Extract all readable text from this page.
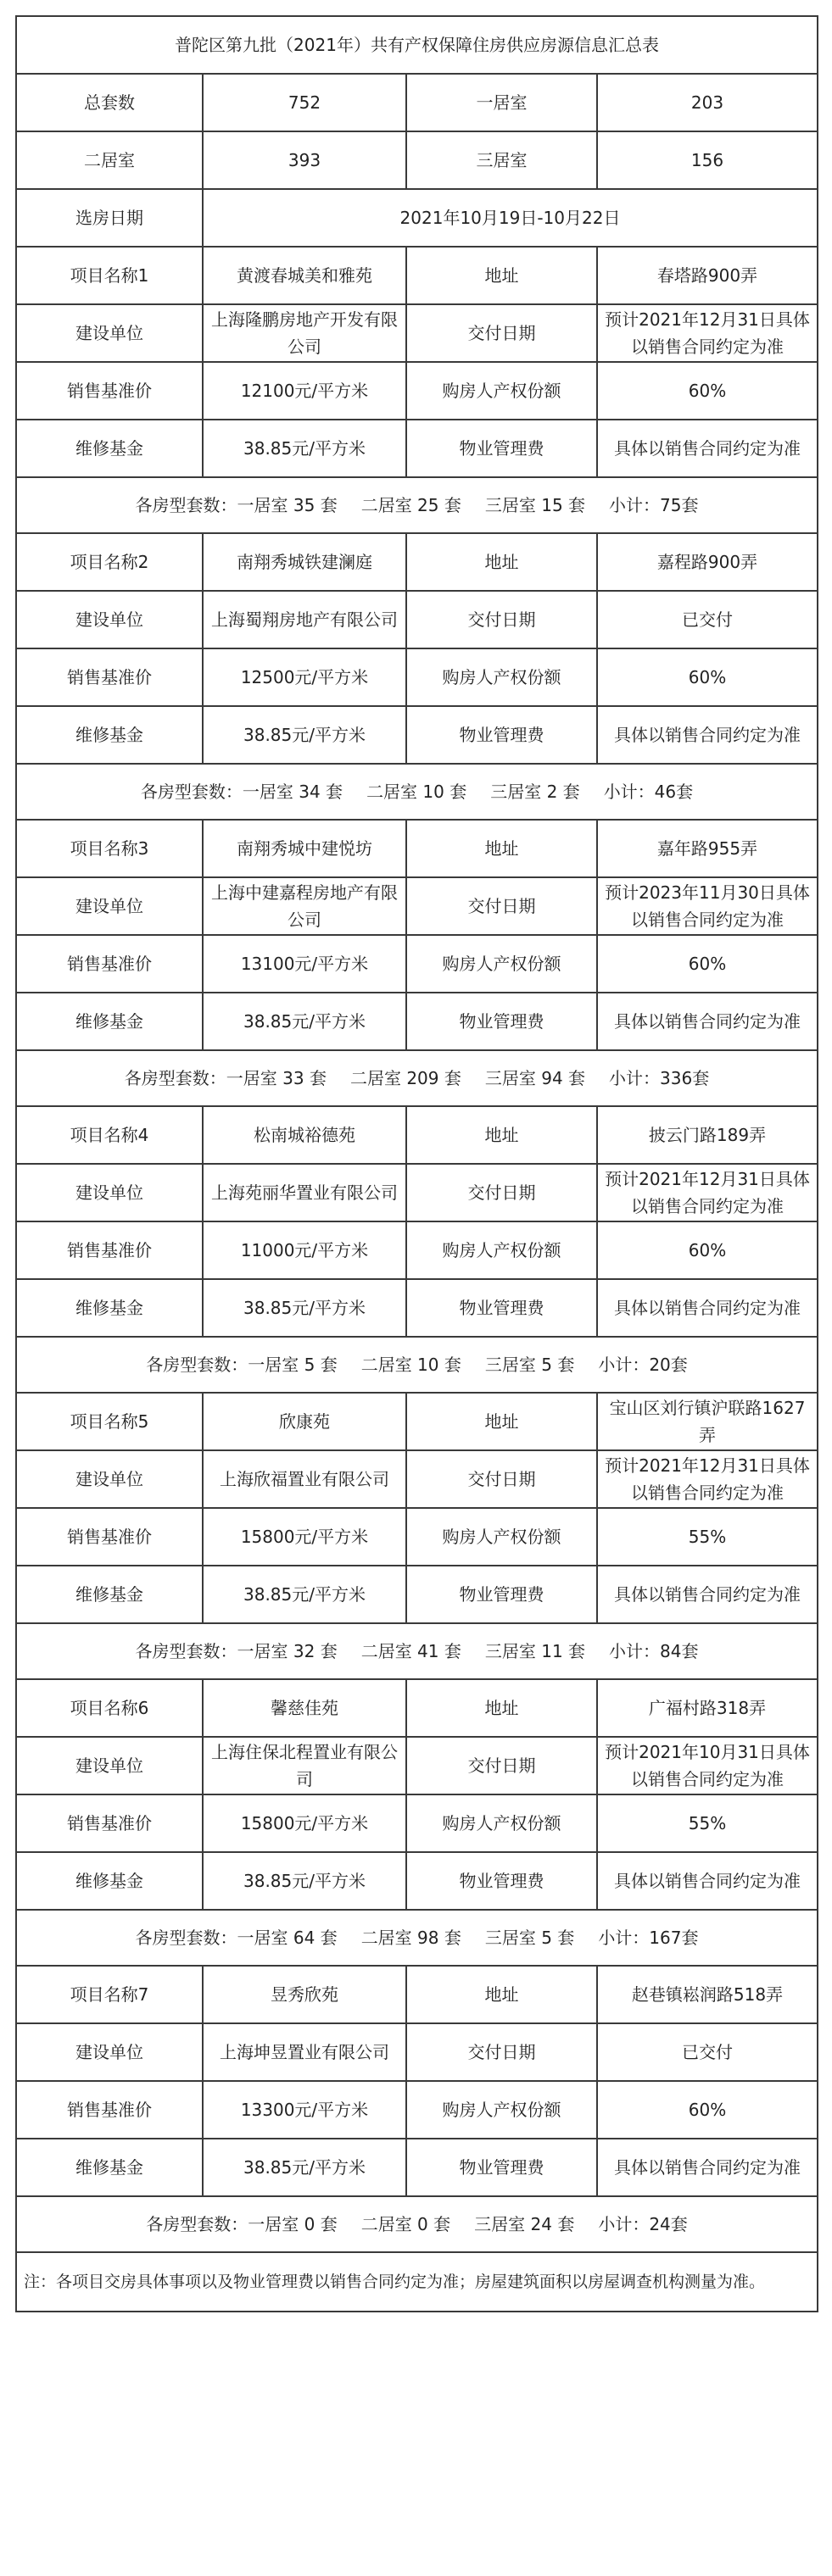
普陀区第九批（2021年）共有产权保障住房供应房源信息汇总表			
总套数	752	一居室	203
二居室	393	三居室	156
选房日期	2021年10月19日-10月22日		
项目名称1	黄渡春城美和雅苑	地址	春塔路900弄
建设单位	上海隆鹏房地产开发有限公司	交付日期	预计2021年12月31日具体以销售合同约定为准
销售基准价	12100元/平方米	购房人产权份额	60%
维修基金	38.85元/平方米	物业管理费	具体以销售合同约定为准
各房型套数：一居室 35 套 二居室 25 套 三居室 15 套 小计：75套			
项目名称2	南翔秀城铁建澜庭	地址	嘉程路900弄
建设单位	上海蜀翔房地产有限公司	交付日期	已交付
销售基准价	12500元/平方米	购房人产权份额	60%
维修基金	38.85元/平方米	物业管理费	具体以销售合同约定为准
各房型套数：一居室 34 套 二居室 10 套 三居室 2 套 小计：46套			
项目名称3	南翔秀城中建悦坊	地址	嘉年路955弄
建设单位	上海中建嘉程房地产有限公司	交付日期	预计2023年11月30日具体以销售合同约定为准
销售基准价	13100元/平方米	购房人产权份额	60%
维修基金	38.85元/平方米	物业管理费	具体以销售合同约定为准
各房型套数：一居室 33 套 二居室 209 套 三居室 94 套 小计：336套			
项目名称4	松南城裕德苑	地址	披云门路189弄
建设单位	上海苑丽华置业有限公司	交付日期	预计2021年12月31日具体以销售合同约定为准
销售基准价	11000元/平方米	购房人产权份额	60%
维修基金	38.85元/平方米	物业管理费	具体以销售合同约定为准
各房型套数：一居室 5 套 二居室 10 套 三居室 5 套 小计：20套			
项目名称5	欣康苑	地址	宝山区刘行镇沪联路1627弄
建设单位	上海欣福置业有限公司	交付日期	预计2021年12月31日具体以销售合同约定为准
销售基准价	15800元/平方米	购房人产权份额	55%
维修基金	38.85元/平方米	物业管理费	具体以销售合同约定为准
各房型套数：一居室 32 套 二居室 41 套 三居室 11 套 小计：84套			
项目名称6	馨慈佳苑	地址	广福村路318弄
建设单位	上海住保北程置业有限公司	交付日期	预计2021年10月31日具体以销售合同约定为准
销售基准价	15800元/平方米	购房人产权份额	55%
维修基金	38.85元/平方米	物业管理费	具体以销售合同约定为准
各房型套数：一居室 64 套 二居室 98 套 三居室 5 套 小计：167套			
项目名称7	昱秀欣苑	地址	赵巷镇崧润路518弄
建设单位	上海坤昱置业有限公司	交付日期	已交付
销售基准价	13300元/平方米	购房人产权份额	60%
维修基金	38.85元/平方米	物业管理费	具体以销售合同约定为准
各房型套数：一居室 0 套 二居室 0 套 三居室 24 套 小计：24套			
注：各项目交房具体事项以及物业管理费以销售合同约定为准；房屋建筑面积以房屋调查机构测量为准。			
